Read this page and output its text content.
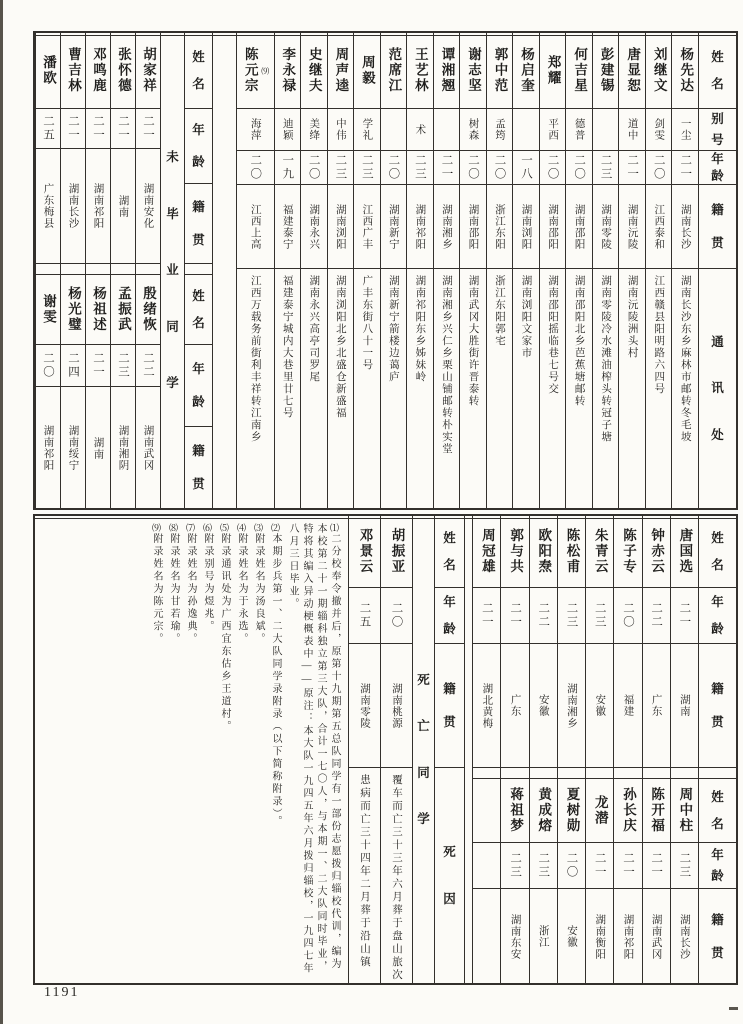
姓
名
别
号
年
龄
籍
贯
通
讯
处
杨先达
一尘
二一
湖南长沙
湖南长沙东乡麻林市邮转冬毛坡
刘继文
剑雯
二〇
江西泰和
江西赣县阳明路六四号
唐显恕
道中
二一
湖南沅陵
湖南沅陵洲头村
彭建锡
二三
湖南零陵
湖南零陵冷水滩油榨头转冠子塘
何吉星
德普
二〇
湖南邵阳
湖南邵阳北乡芭蕉塘邮转
郑耀
平西
二〇
湖南邵阳
湖南邵阳摇临巷七号交
杨启奎
一八
湖南浏阳
湖南浏阳文家市
郭中范
孟筠
二〇
浙江东阳
浙江东阳郭宅
谢志坚
树森
二〇
湖南邵阳
湖南武冈大胜街许晋泰转
谭湘翘
二一
湖南湘乡
湖南湘乡兴仁乡栗山铺邮转朴实堂
王艺林
术
二三
湖南祁阳
湖南祁阳东乡姊妹岭
范席江
二〇
湖南新宁
湖南新宁箭楼边蔼庐
周毅
学礼
二三
江西广丰
广丰东街八十一号
周声逵
中伟
二三
湖南浏阳
湖南浏阳北乡北盛仓新盛福
史继夫
美绛
二〇
湖南永兴
湖南永兴高亭司罗尾
李永禄
迪颖
一九
福建泰宁
福建泰宁城内大巷里廿七号
陈元宗 ⑼
海萍
二〇
江西上高
江西万载务前街利丰祥转江南乡
姓
名
年
龄
籍
贯
姓
名
年
龄
籍
贯
未
毕
业
同
学
胡家祥
二一
湖南安化
殷绪恢
二二
湖南武冈
张怀德
二一
湖南
孟振武
二三
湖南湘阴
邓鸣鹿
二一
湖南祁阳
杨祖述
二一
湖南
曹吉林
二一
湖南长沙
杨光璧
二四
湖南绥宁
潘欧
二五
广东梅县
谢雯
二〇
湖南祁阳
姓
名
年
龄
籍
贯
姓
名
年
龄
籍
贯
唐国选
二一
湖南
周中柱
二三
湖南长沙
钟赤云
二二
广东
陈开福
二一
湖南武冈
陈子专
二〇
福建
孙长庆
二一
湖南祁阳
朱青云
二三
安徽
龙潜
二一
湖南衡阳
陈松甫
二三
湖南湘乡
夏树勋
二〇
安徽
欧阳焘
二二
安徽
黄成熔
二三
浙江
郭与共
二一
广东
蒋祖梦
二三
湖南东安
周冠雄
二一
湖北黄梅
姓
名
年
龄
籍
贯
死
因
死
亡
同
学
胡振亚
二〇
湖南桃源
覆车而亡三十三年六月葬于盘山旅次
邓景云
二五
湖南零陵
患病而亡三十四年二月葬于沿山镇
⑴二分校奉令撤并后，原第十九期第五总队同学有一部份志愿拨归辎校代训，编为本校第二十一期辎科独立第三大队，合计一七〇人，与本期一、二大队同时毕业，特将其编入异动梗概表中——原注：本大队一九四五年六月拨归辎校，一九四七年八月三日毕业。
⑵本期步兵第一、二大队同学录附录（以下简称附录）。
⑶附录姓名为汤良斌。
⑷附录姓名为于永选。
⑸附录通讯处为广西宜东估乡王道村。
⑹附录别号为煜兆。
⑺附录姓名为孙逸典。
⑻附录姓名为甘若瑜。
⑼附录姓名为陈元宗。
1191
